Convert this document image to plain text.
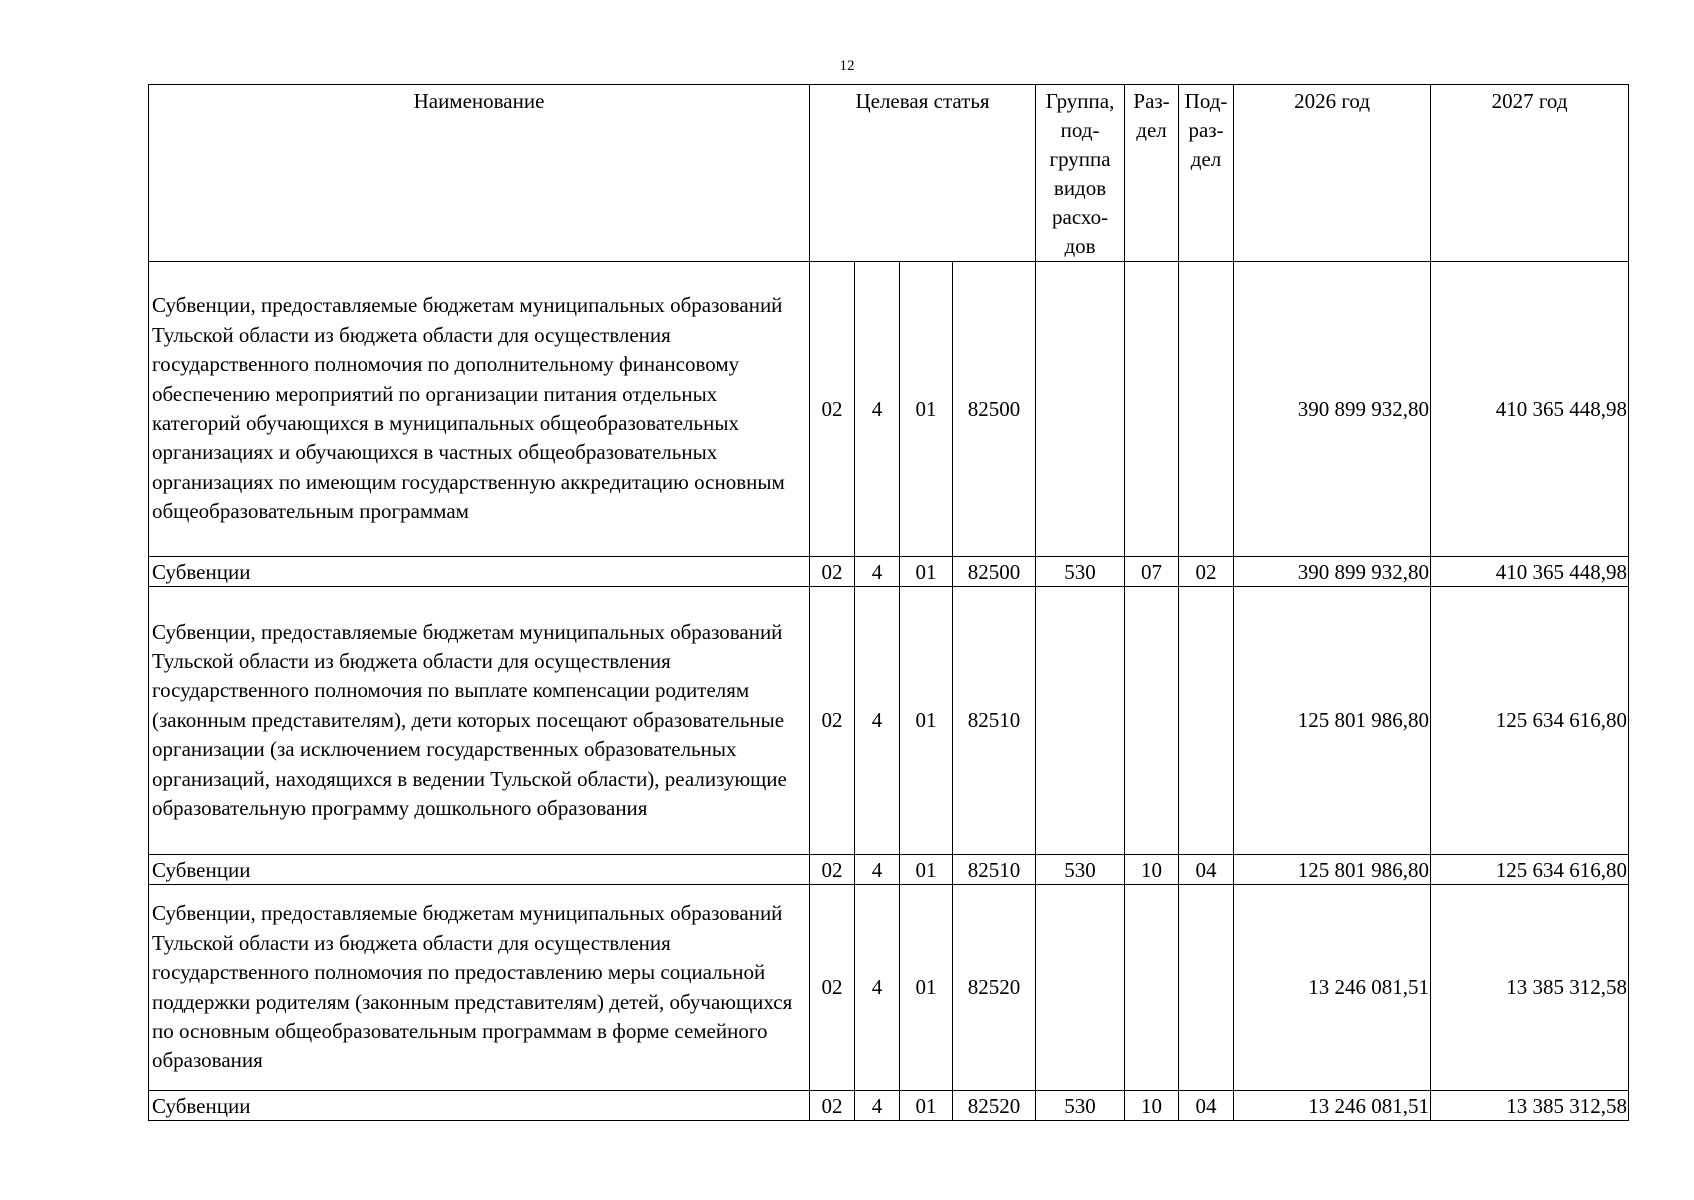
12
Наименование	Целевая статья				Группа, под- группа видов расхо- дов	Раз- дел	Под- раз- дел	2026 год	2027 год
Субвенции, предоставляемые бюджетам муниципальных образований Тульской области из бюджета области для осуществления государственного полномочия по дополнительному финансовому обеспечению мероприятий по организации питания отдельных категорий обучающихся в муниципальных общеобразовательных организациях и обучающихся в частных общеобразовательных организациях по имеющим государственную аккредитацию основным общеобразовательным программам	02	4	01	82500				390 899 932,80	410 365 448,98
Субвенции	02	4	01	82500	530	07	02	390 899 932,80	410 365 448,98
Субвенции, предоставляемые бюджетам муниципальных образований Тульской области из бюджета области для осуществления государственного полномочия по выплате компенсации родителям (законным представителям), дети которых посещают образовательные организации (за исключением государственных образовательных организаций, находящихся в ведении Тульской области), реализующие образовательную программу дошкольного образования	02	4	01	82510				125 801 986,80	125 634 616,80
Субвенции	02	4	01	82510	530	10	04	125 801 986,80	125 634 616,80
Субвенции, предоставляемые бюджетам муниципальных образований Тульской области из бюджета области для осуществления государственного полномочия по предоставлению меры социальной поддержки родителям (законным представителям) детей, обучающихся по основным общеобразовательным программам в форме семейного образования	02	4	01	82520				13 246 081,51	13 385 312,58
Субвенции	02	4	01	82520	530	10	04	13 246 081,51	13 385 312,58
